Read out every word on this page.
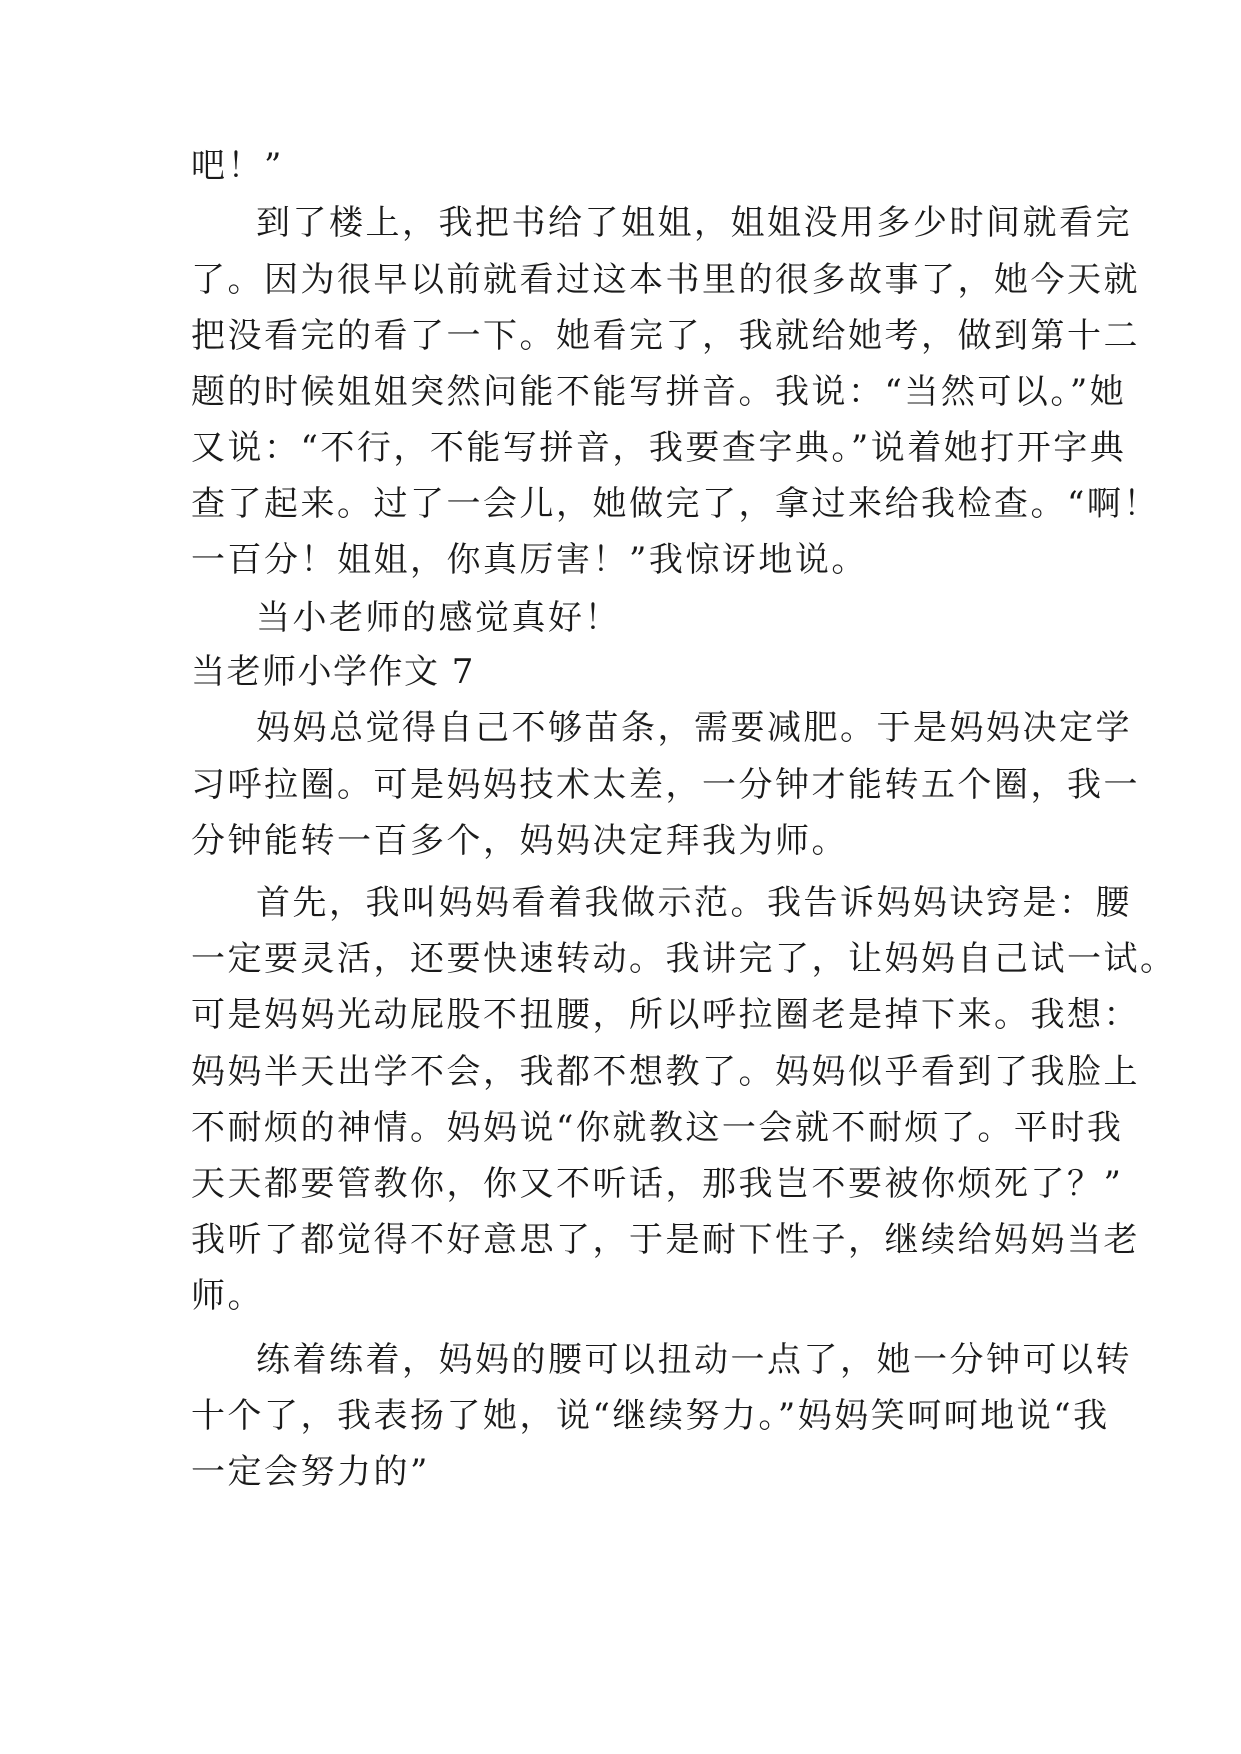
吧！”
到了楼上，我把书给了姐姐，姐姐没用多少时间就看完
了。因为很早以前就看过这本书里的很多故事了，她今天就
把没看完的看了一下。她看完了，我就给她考，做到第十二
题的时候姐姐突然问能不能写拼音。我说：“当然可以。”她
又说：“不行，不能写拼音，我要查字典。”说着她打开字典
查了起来。过了一会儿，她做完了，拿过来给我检查。“啊！
一百分！姐姐，你真厉害！”我惊讶地说。
当小老师的感觉真好！
当老师小学作文 7
妈妈总觉得自己不够苗条，需要减肥。于是妈妈决定学
习呼拉圈。可是妈妈技术太差，一分钟才能转五个圈，我一
分钟能转一百多个，妈妈决定拜我为师。
首先，我叫妈妈看着我做示范。我告诉妈妈诀窍是：腰
一定要灵活，还要快速转动。我讲完了，让妈妈自己试一试。
可是妈妈光动屁股不扭腰，所以呼拉圈老是掉下来。我想：
妈妈半天出学不会，我都不想教了。妈妈似乎看到了我脸上
不耐烦的神情。妈妈说“你就教这一会就不耐烦了。平时我
天天都要管教你，你又不听话，那我岂不要被你烦死了？”
我听了都觉得不好意思了，于是耐下性子，继续给妈妈当老
师。
练着练着，妈妈的腰可以扭动一点了，她一分钟可以转
十个了，我表扬了她，说“继续努力。”妈妈笑呵呵地说“我
一定会努力的”
